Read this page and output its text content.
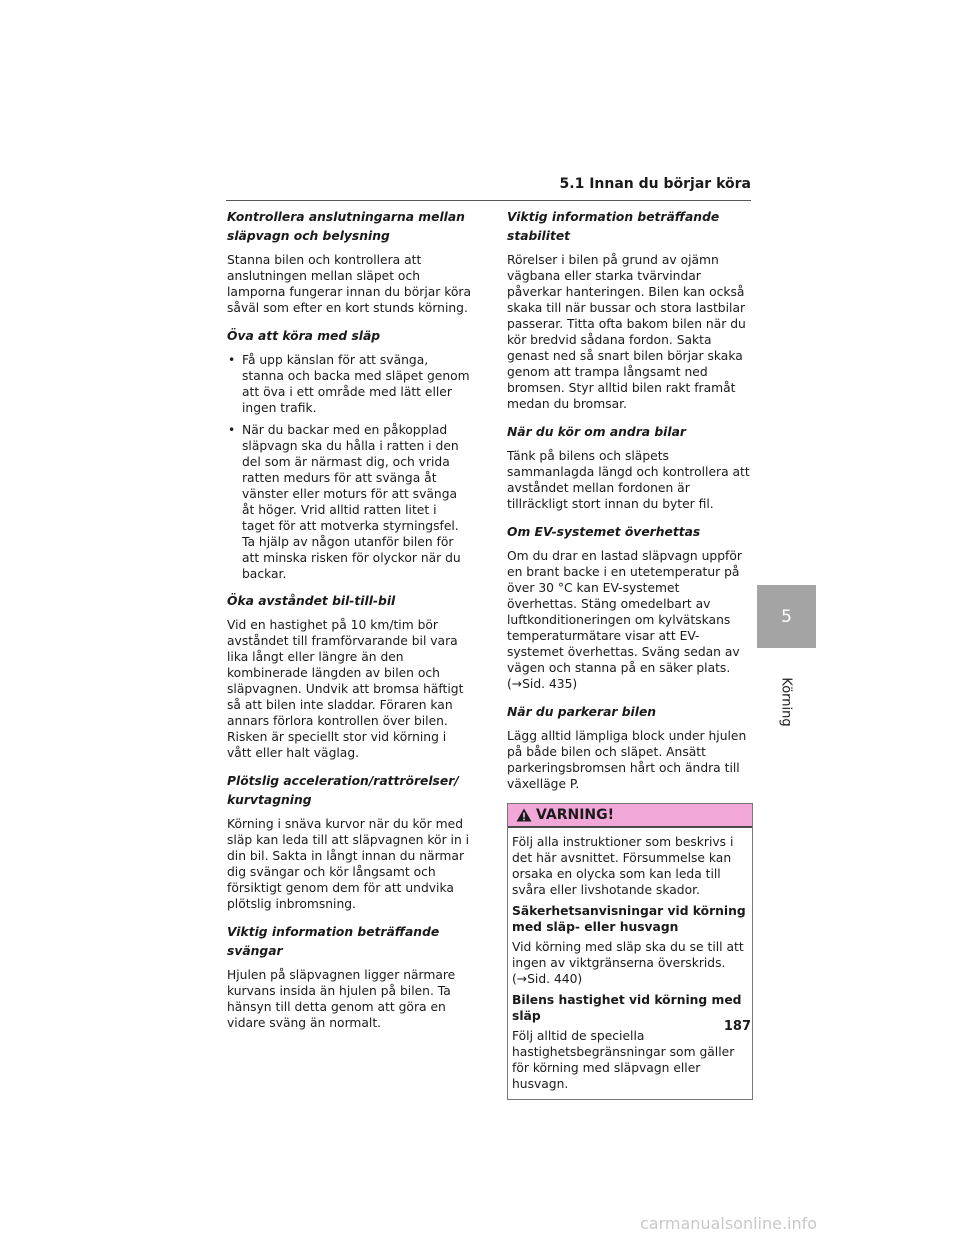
5.1 Innan du börjar köra
Kontrollera anslutningarna mellan släpvagn och belysning

Stanna bilen och kontrollera att anslutningen mellan släpet och lamporna fungerar innan du börjar köra såväl som efter en kort stunds körning.

Öva att köra med släp
• Få upp känslan för att svänga, stanna och backa med släpet genom att öva i ett område med lätt eller ingen trafik.
• När du backar med en påkopplad släpvagn ska du hålla i ratten i den del som är närmast dig, och vrida ratten medurs för att svänga åt vänster eller moturs för att svänga åt höger. Vrid alltid ratten litet i taget för att motverka styrningsfel. Ta hjälp av någon utanför bilen för att minska risken för olyckor när du backar.
Öka avståndet bil-till-bil

Vid en hastighet på 10 km/tim bör avståndet till framförvarande bil vara lika långt eller längre än den kombinerade längden av bilen och släpvagnen. Undvik att bromsa häftigt så att bilen inte sladdar. Föraren kan annars förlora kontrollen över bilen. Risken är speciellt stor vid körning i vått eller halt väglag.

Plötslig acceleration/rattrörelser/ kurvtagning

Körning i snäva kurvor när du kör med släp kan leda till att släpvagnen kör in i din bil. Sakta in långt innan du närmar dig svängar och kör långsamt och försiktigt genom dem för att undvika plötslig inbromsning.

Viktig information beträffande svängar

Hjulen på släpvagnen ligger närmare kurvans insida än hjulen på bilen. Ta hänsyn till detta genom att göra en vidare sväng än normalt.

Viktig information beträffande stabilitet

Rörelser i bilen på grund av ojämn vägbana eller starka tvärvindar påverkar hanteringen. Bilen kan också skaka till när bussar och stora lastbilar passerar. Titta ofta bakom bilen när du kör bredvid sådana fordon. Sakta genast ned så snart bilen börjar skaka genom att trampa långsamt ned bromsen. Styr alltid bilen rakt framåt medan du bromsar.

När du kör om andra bilar

Tänk på bilens och släpets sammanlagda längd och kontrollera att avståndet mellan fordonen är tillräckligt stort innan du byter fil.

Om EV-systemet överhettas

Om du drar en lastad släpvagn uppför en brant backe i en utetemperatur på över 30 °C kan EV-systemet överhettas. Stäng omedelbart av luftkonditioneringen om kylvätskans temperaturmätare visar att EV-systemet överhettas. Sväng sedan av vägen och stanna på en säker plats. (→Sid. 435)

När du parkerar bilen

Lägg alltid lämpliga block under hjulen på både bilen och släpet. Ansätt parkeringsbromsen hårt och ändra till växelläge P.

VARNING!

Följ alla instruktioner som beskrivs i det här avsnittet. Försummelse kan orsaka en olycka som kan leda till svåra eller livshotande skador.

Säkerhetsanvisningar vid körning med släp- eller husvagn

Vid körning med släp ska du se till att ingen av viktgränserna överskrids. (→Sid. 440)

Bilens hastighet vid körning med släp

Följ alltid de speciella hastighetsbegränsningar som gäller för körning med släpvagn eller husvagn.

5
Körning
187
carmanualsonline.info
